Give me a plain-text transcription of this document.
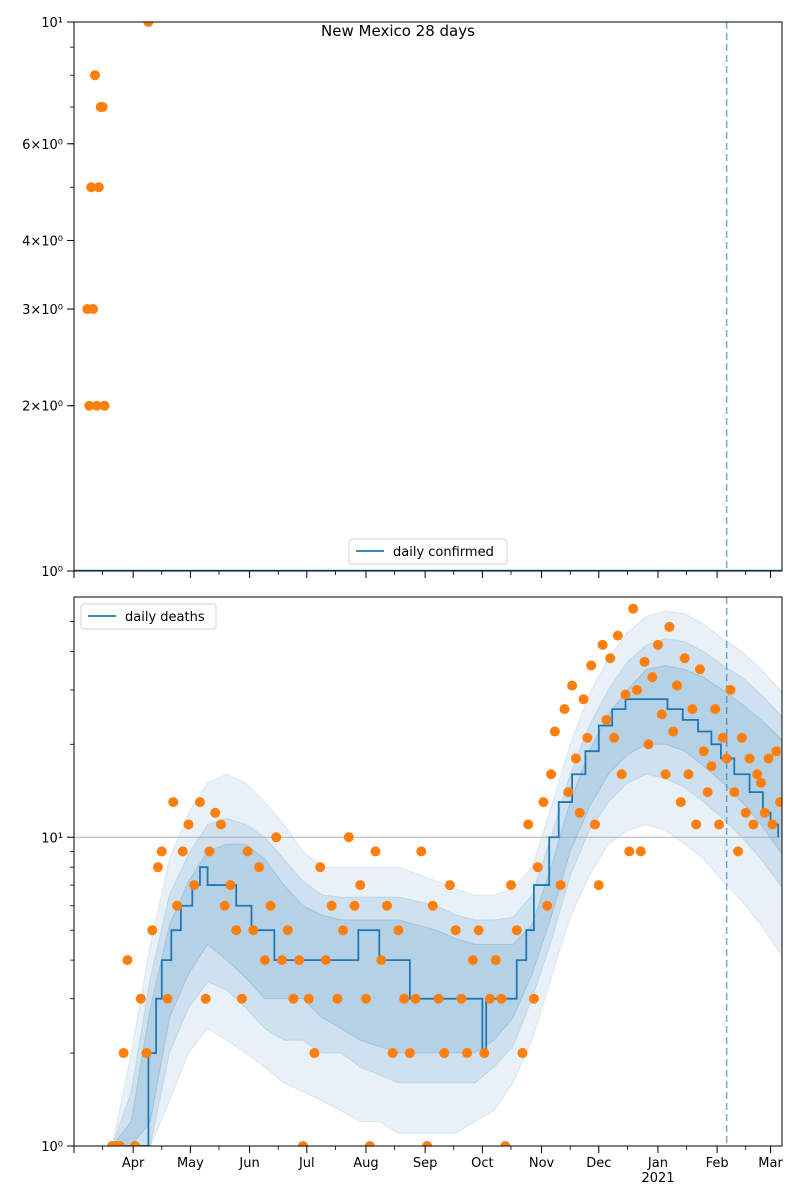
10⁰
2×10⁰
3×10⁰
4×10⁰
6×10⁰
10¹	New Mexico 28 days
daily confirmed
10⁰
10¹
Apr	May	Jun	Jul	Aug	Sep	Oct	Nov Dec	Jan	Feb Mar
2021
daily deaths
